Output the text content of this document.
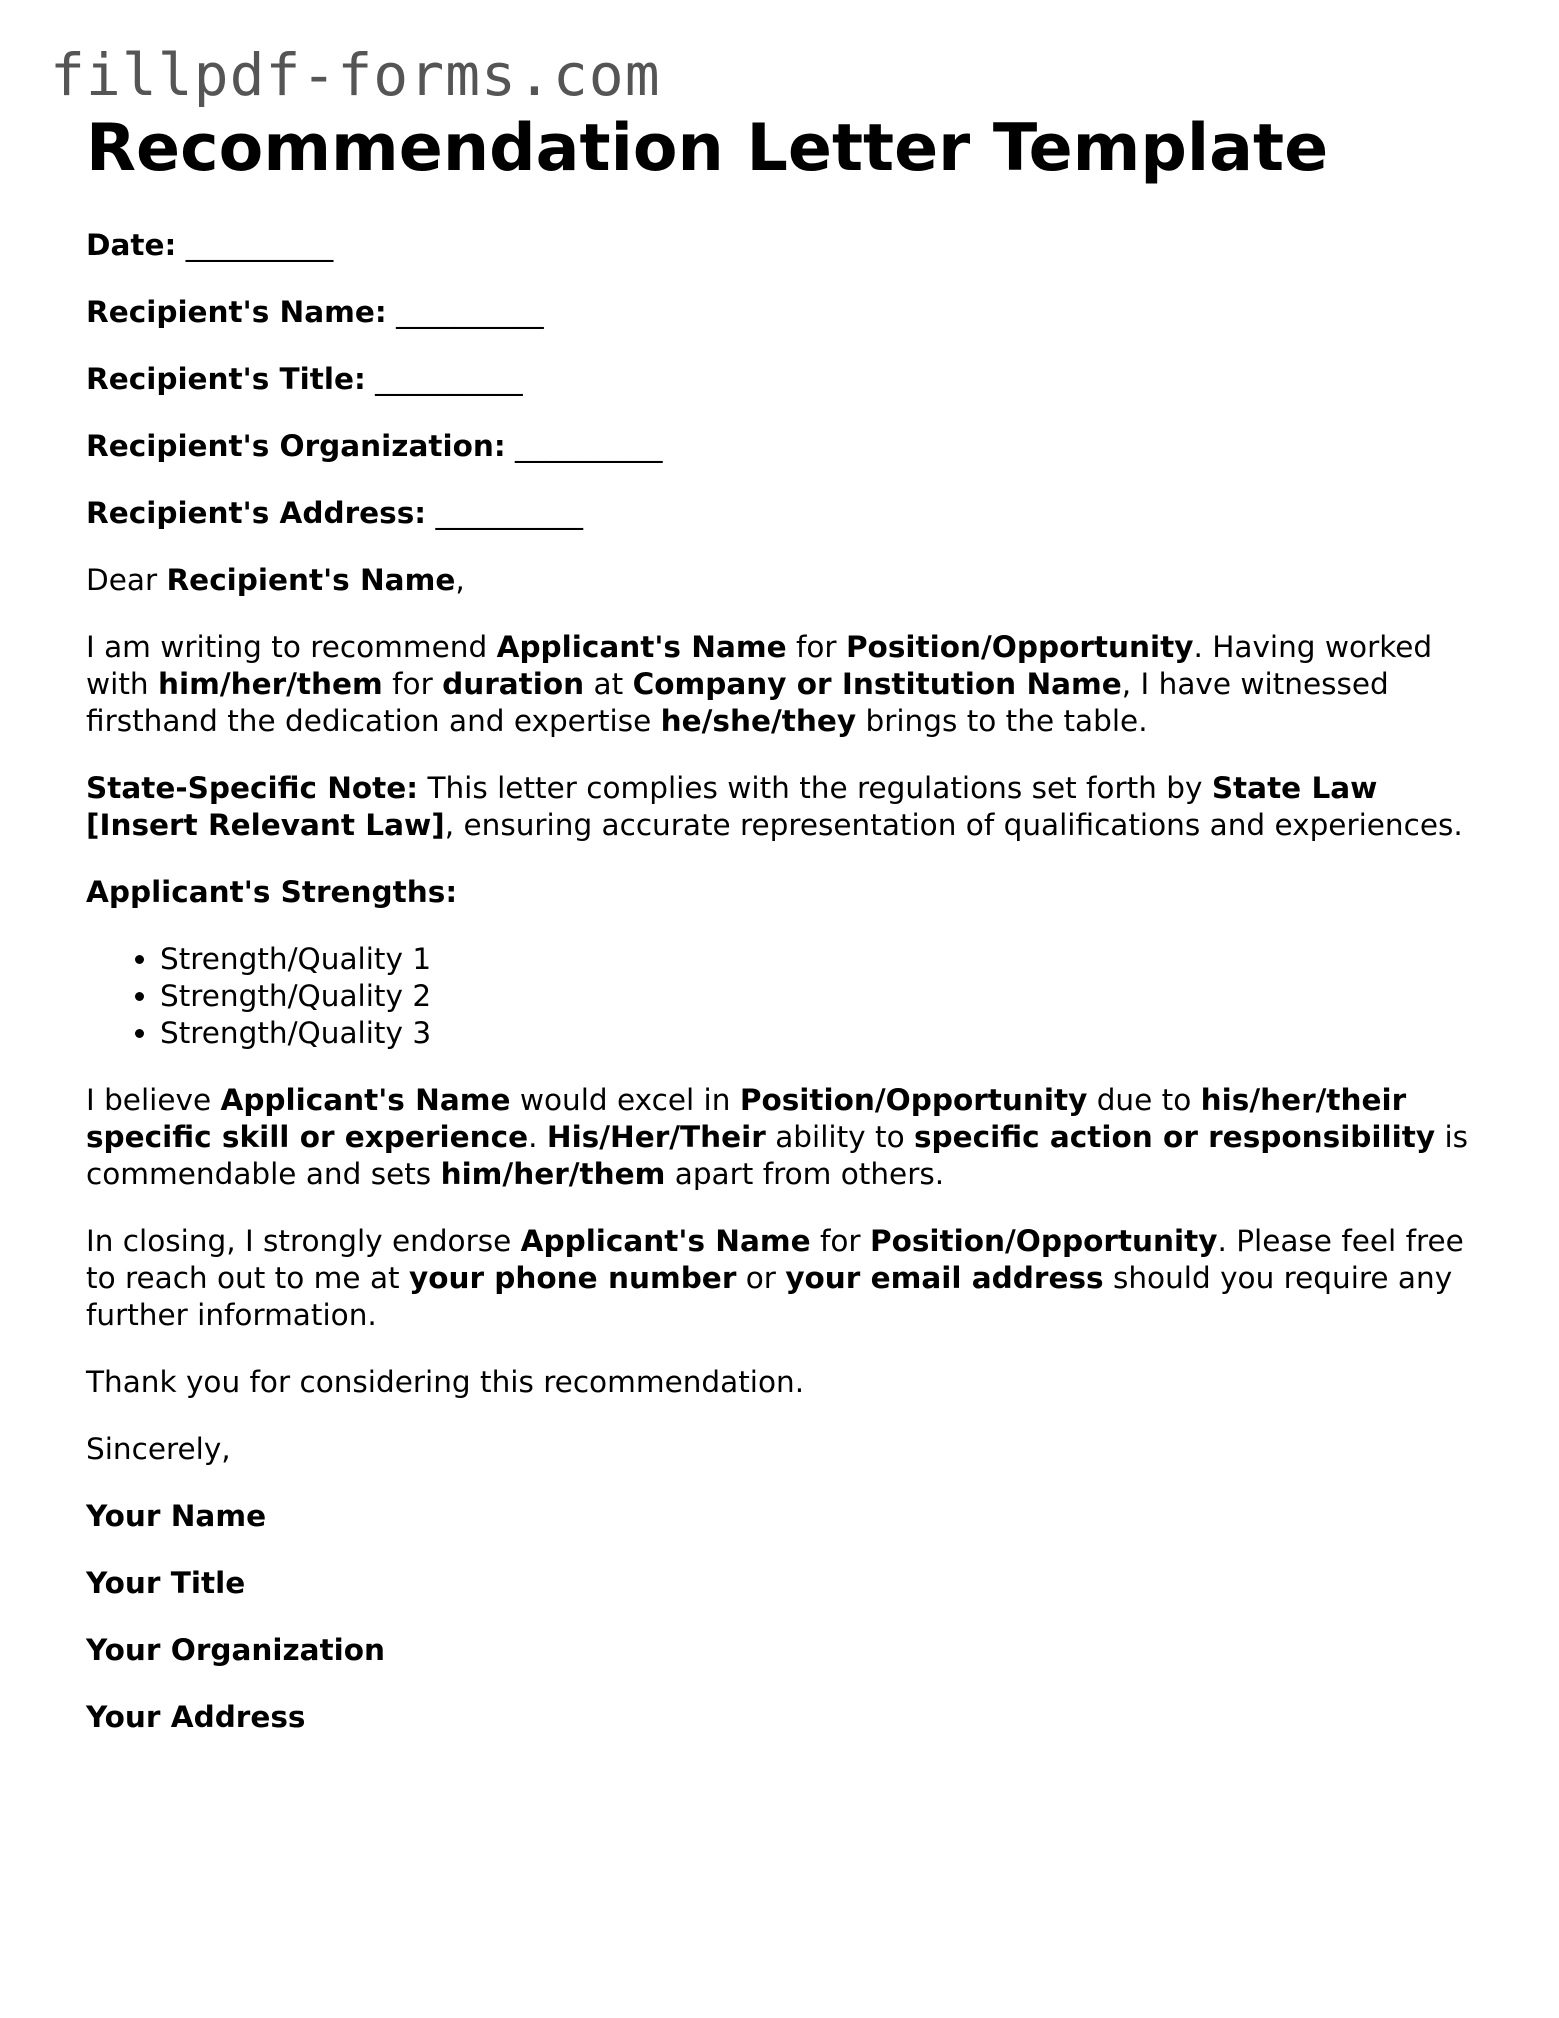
fillpdf-forms.com
Recommendation Letter Template

Date: __________

Recipient's Name: __________

Recipient's Title: __________

Recipient's Organization: __________

Recipient's Address: __________

Dear Recipient's Name,

I am writing to recommend Applicant's Name for Position/Opportunity. Having worked with him/her/them for duration at Company or Institution Name, I have witnessed firsthand the dedication and expertise he/she/they brings to the table.

State-Specific Note: This letter complies with the regulations set forth by State Law [Insert Relevant Law], ensuring accurate representation of qualifications and experiences.

Applicant's Strengths:

• Strength/Quality 1
• Strength/Quality 2
• Strength/Quality 3

I believe Applicant's Name would excel in Position/Opportunity due to his/her/their specific skill or experience. His/Her/Their ability to specific action or responsibility is commendable and sets him/her/them apart from others.

In closing, I strongly endorse Applicant's Name for Position/Opportunity. Please feel free to reach out to me at your phone number or your email address should you require any further information.

Thank you for considering this recommendation.

Sincerely,

Your Name

Your Title

Your Organization

Your Address
